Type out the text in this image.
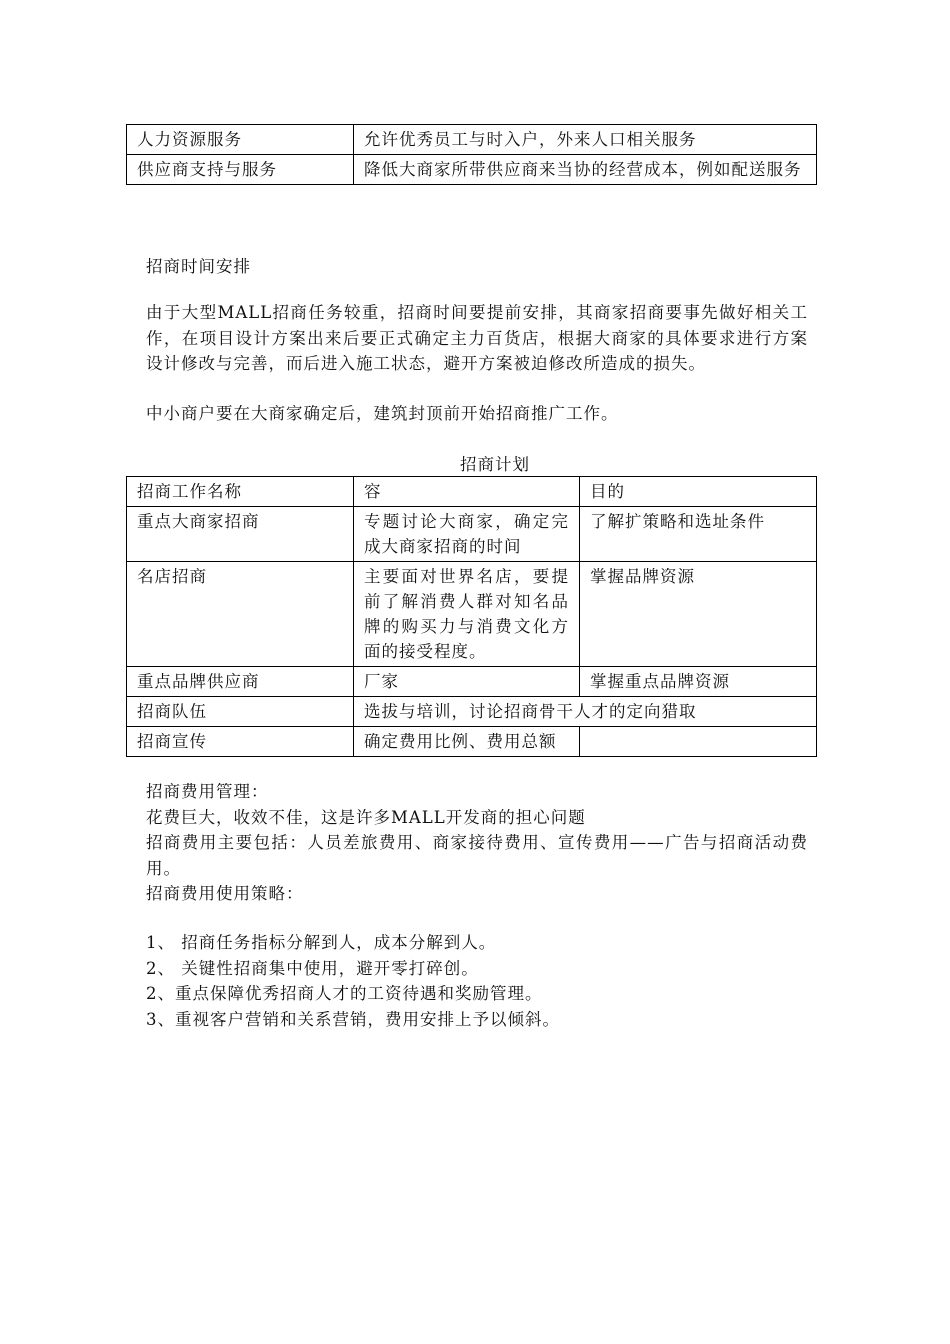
人力资源服务	允许优秀员工与时入户，外来人口相关服务
供应商支持与服务	降低大商家所带供应商来当协的经营成本，例如配送服务
招商时间安排
由于大型MALL招商任务较重，招商时间要提前安排，其商家招商要事先做好相关工作，在项目设计方案出来后要正式确定主力百货店，根据大商家的具体要求进行方案设计修改与完善，而后进入施工状态，避开方案被迫修改所造成的损失。
中小商户要在大商家确定后，建筑封顶前开始招商推广工作。
招商计划
招商工作名称	容	目的
重点大商家招商	专题讨论大商家，确定完成大商家招商的时间	了解扩策略和选址条件
名店招商	主要面对世界名店，要提前了解消费人群对知名品牌的购买力与消费文化方面的接受程度。	掌握品牌资源
重点品牌供应商	厂家	掌握重点品牌资源
招商队伍	选拔与培训，讨论招商骨干人才的定向猎取	
招商宣传	确定费用比例、费用总额	

招商费用管理：

花费巨大，收效不佳，这是许多MALL开发商的担心问题

招商费用主要包括：人员差旅费用、商家接待费用、宣传费用——广告与招商活动费用。

招商费用使用策略：

1、 招商任务指标分解到人，成本分解到人。

2、 关键性招商集中使用，避开零打碎创。

2、重点保障优秀招商人才的工资待遇和奖励管理。

3、重视客户营销和关系营销，费用安排上予以倾斜。
